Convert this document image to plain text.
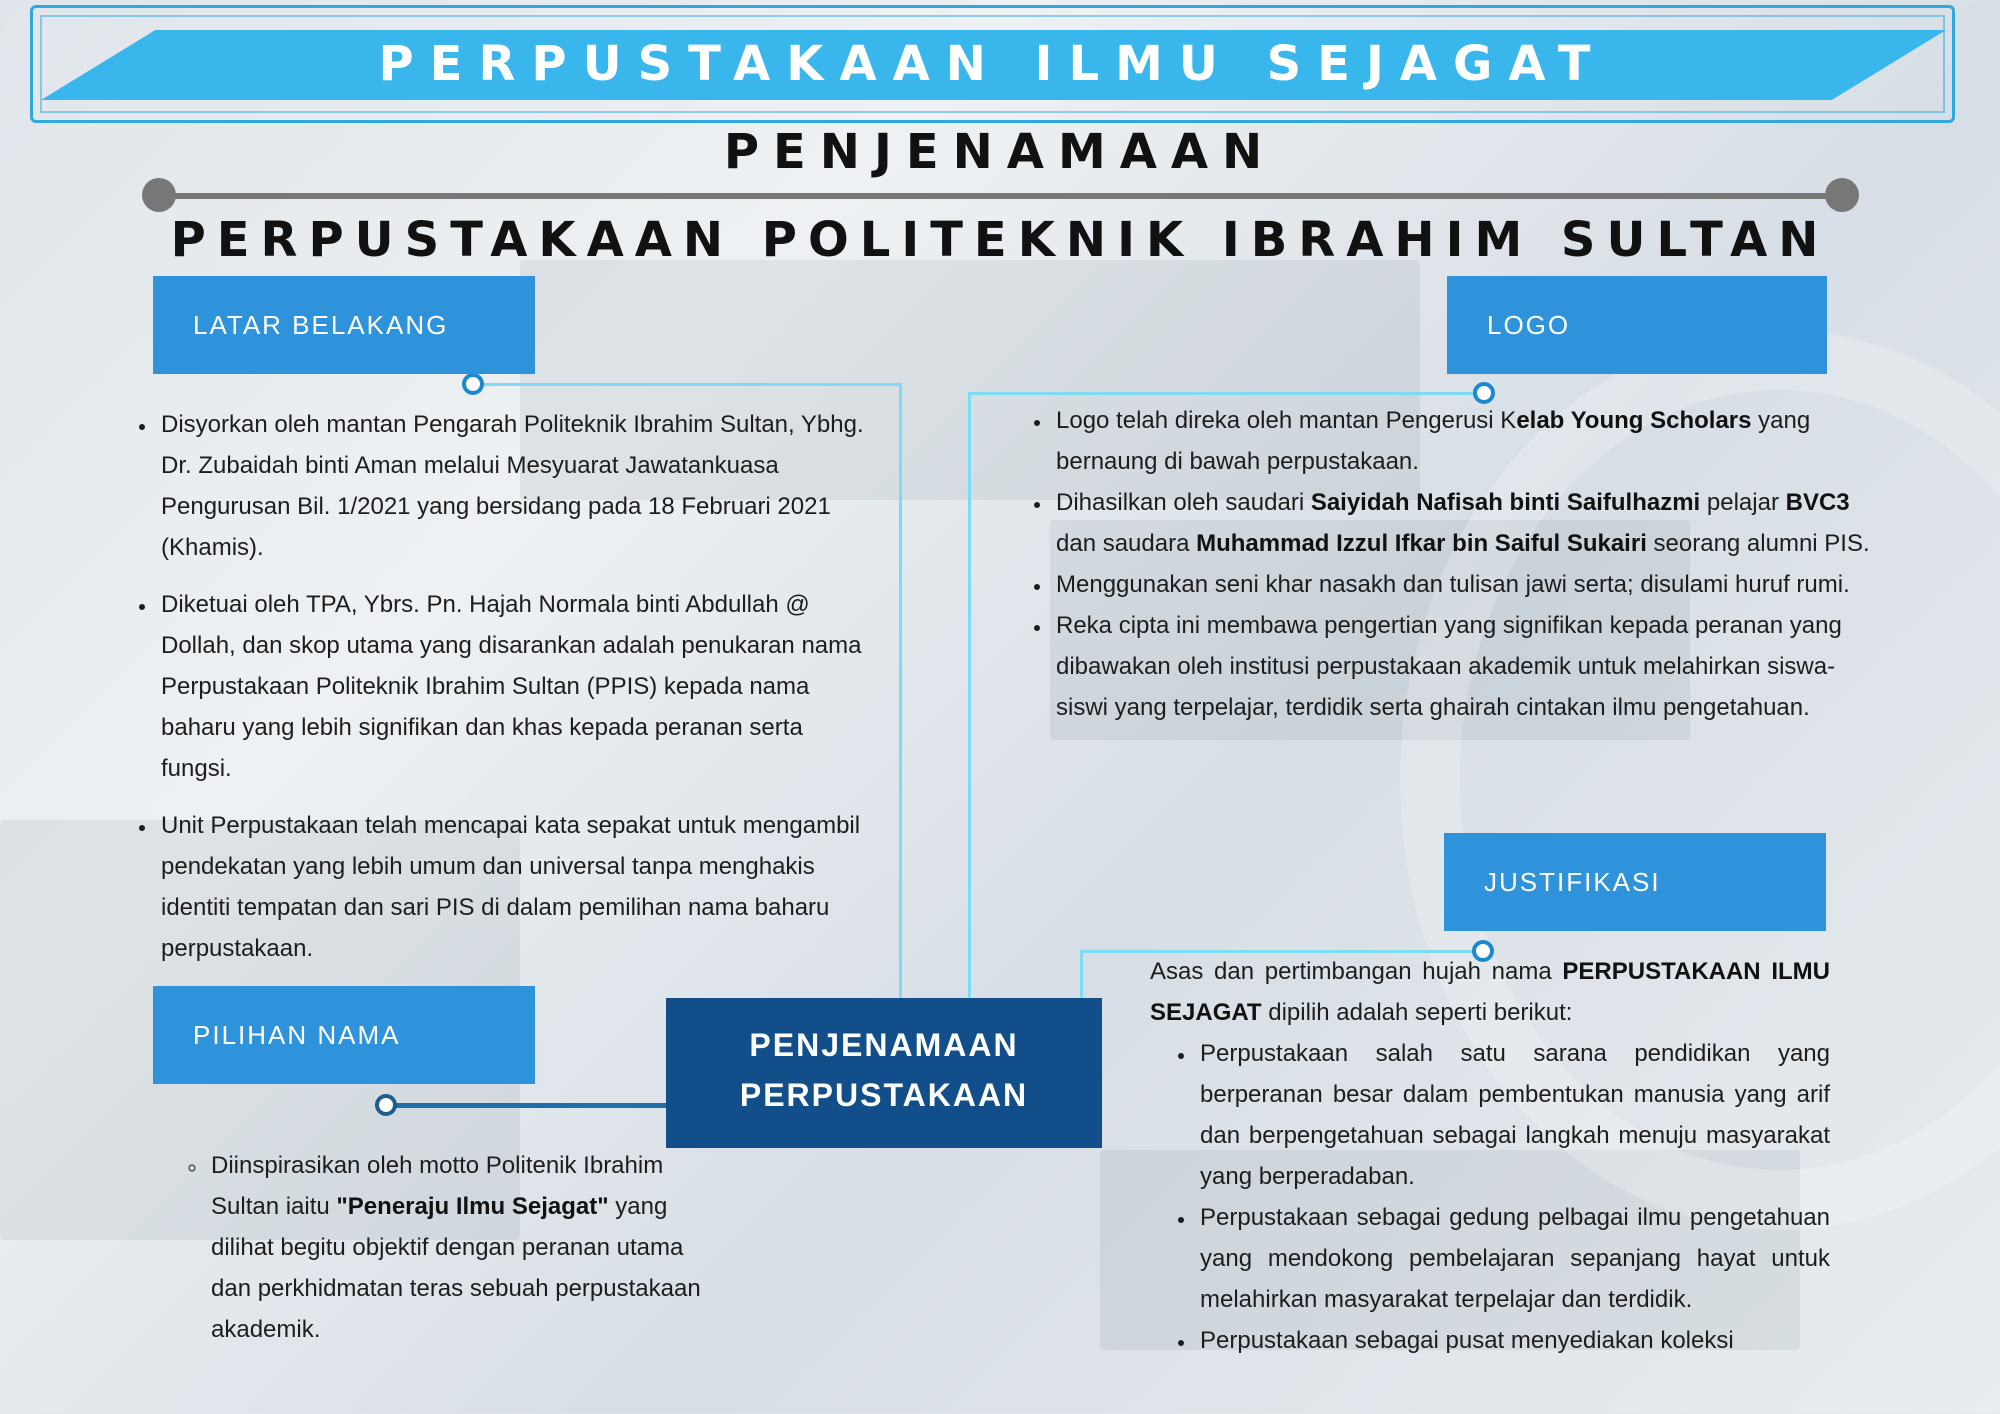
PERPUSTAKAAN ILMU SEJAGAT
PENJENAMAAN
PERPUSTAKAAN POLITEKNIK IBRAHIM SULTAN
LATAR BELAKANG	LOGO
PILIHAN NAMA
JUSTIFIKASI
PENJENAMAAN
PERPUSTAKAAN
• Disyorkan oleh mantan Pengarah Politeknik Ibrahim Sultan, Ybhg. Dr. Zubaidah binti Aman melalui Mesyuarat Jawatankuasa Pengurusan Bil. 1/2021 yang bersidang pada 18 Februari 2021 (Khamis).
• Diketuai oleh TPA, Ybrs. Pn. Hajah Normala binti Abdullah @ Dollah, dan skop utama yang disarankan adalah penukaran nama Perpustakaan Politeknik Ibrahim Sultan (PPIS) kepada nama baharu yang lebih signifikan dan khas kepada peranan serta fungsi.
• Unit Perpustakaan telah mencapai kata sepakat untuk mengambil pendekatan yang lebih umum dan universal tanpa menghakis identiti tempatan dan sari PIS di dalam pemilihan nama baharu perpustakaan.
◦ Diinspirasikan oleh motto Politenik Ibrahim Sultan iaitu "Peneraju Ilmu Sejagat" yang dilihat begitu objektif dengan peranan utama dan perkhidmatan teras sebuah perpustakaan akademik.
• Logo telah direka oleh mantan Pengerusi Kelab Young Scholars yang bernaung di bawah perpustakaan.
• Dihasilkan oleh saudari Saiyidah Nafisah binti Saifulhazmi pelajar BVC3 dan saudara Muhammad Izzul Ifkar bin Saiful Sukairi seorang alumni PIS.
• Menggunakan seni khar nasakh dan tulisan jawi serta; disulami huruf rumi.
• Reka cipta ini membawa pengertian yang signifikan kepada peranan yang dibawakan oleh institusi perpustakaan akademik untuk melahirkan siswa-siswi yang terpelajar, terdidik serta ghairah cintakan ilmu pengetahuan.

Asas dan pertimbangan hujah nama PERPUSTAKAAN ILMU SEJAGAT dipilih adalah seperti berikut:

• Perpustakaan salah satu sarana pendidikan yang berperanan besar dalam pembentukan manusia yang arif dan berpengetahuan sebagai langkah menuju masyarakat yang berperadaban.
• Perpustakaan sebagai gedung pelbagai ilmu pengetahuan yang mendokong pembelajaran sepanjang hayat untuk melahirkan masyarakat terpelajar dan terdidik.
• Perpustakaan sebagai pusat menyediakan koleksi
